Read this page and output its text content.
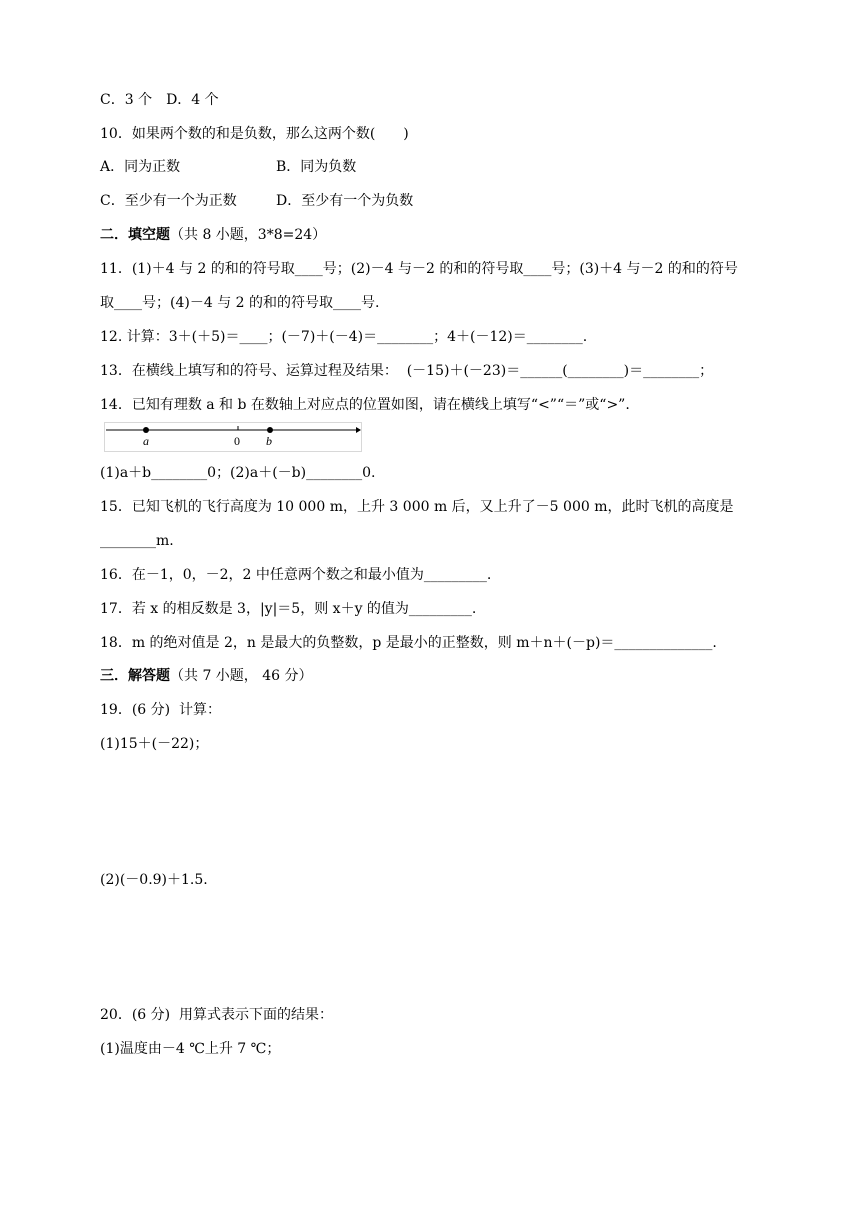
C．3 个　D．4 个
10．如果两个数的和是负数，那么这两个数(　　)
A．同为正数	B．同为负数
C．至少有一个为正数	D．至少有一个为负数
二．填空题（共 8 小题，3*8=24）
11．(1)＋4 与 2 的和的符号取____号；(2)－4 与－2 的和的符号取____号；(3)＋4 与－2 的和的符号
取____号；(4)－4 与 2 的和的符号取____号.
12. 计算：3＋(＋5)＝____；(－7)＋(－4)＝________；4＋(－12)＝________.
13．在横线上填写和的符号、运算过程及结果：  (－15)＋(－23)＝______(________)＝________；
14．已知有理数 a 和 b 在数轴上对应点的位置如图，请在横线上填写“<”“＝”或“>”.
a	0 b
(1)a＋b________0；(2)a＋(－b)________0.
15．已知飞机的飞行高度为 10 000 m，上升 3 000 m 后，又上升了－5 000 m，此时飞机的高度是
________m.
16．在－1，0，－2，2 中任意两个数之和最小值为_________.
17．若 x 的相反数是 3，|y|＝5，则 x＋y 的值为_________.
18．m 的绝对值是 2，n 是最大的负整数，p 是最小的正整数，则 m＋n＋(－p)＝______________.
三．解答题（共 7 小题， 46 分）
19．(6 分)  计算：
(1)15＋(－22)；
(2)(－0.9)＋1.5.
20．(6 分)  用算式表示下面的结果：
(1)温度由－4 ℃上升 7 ℃；
